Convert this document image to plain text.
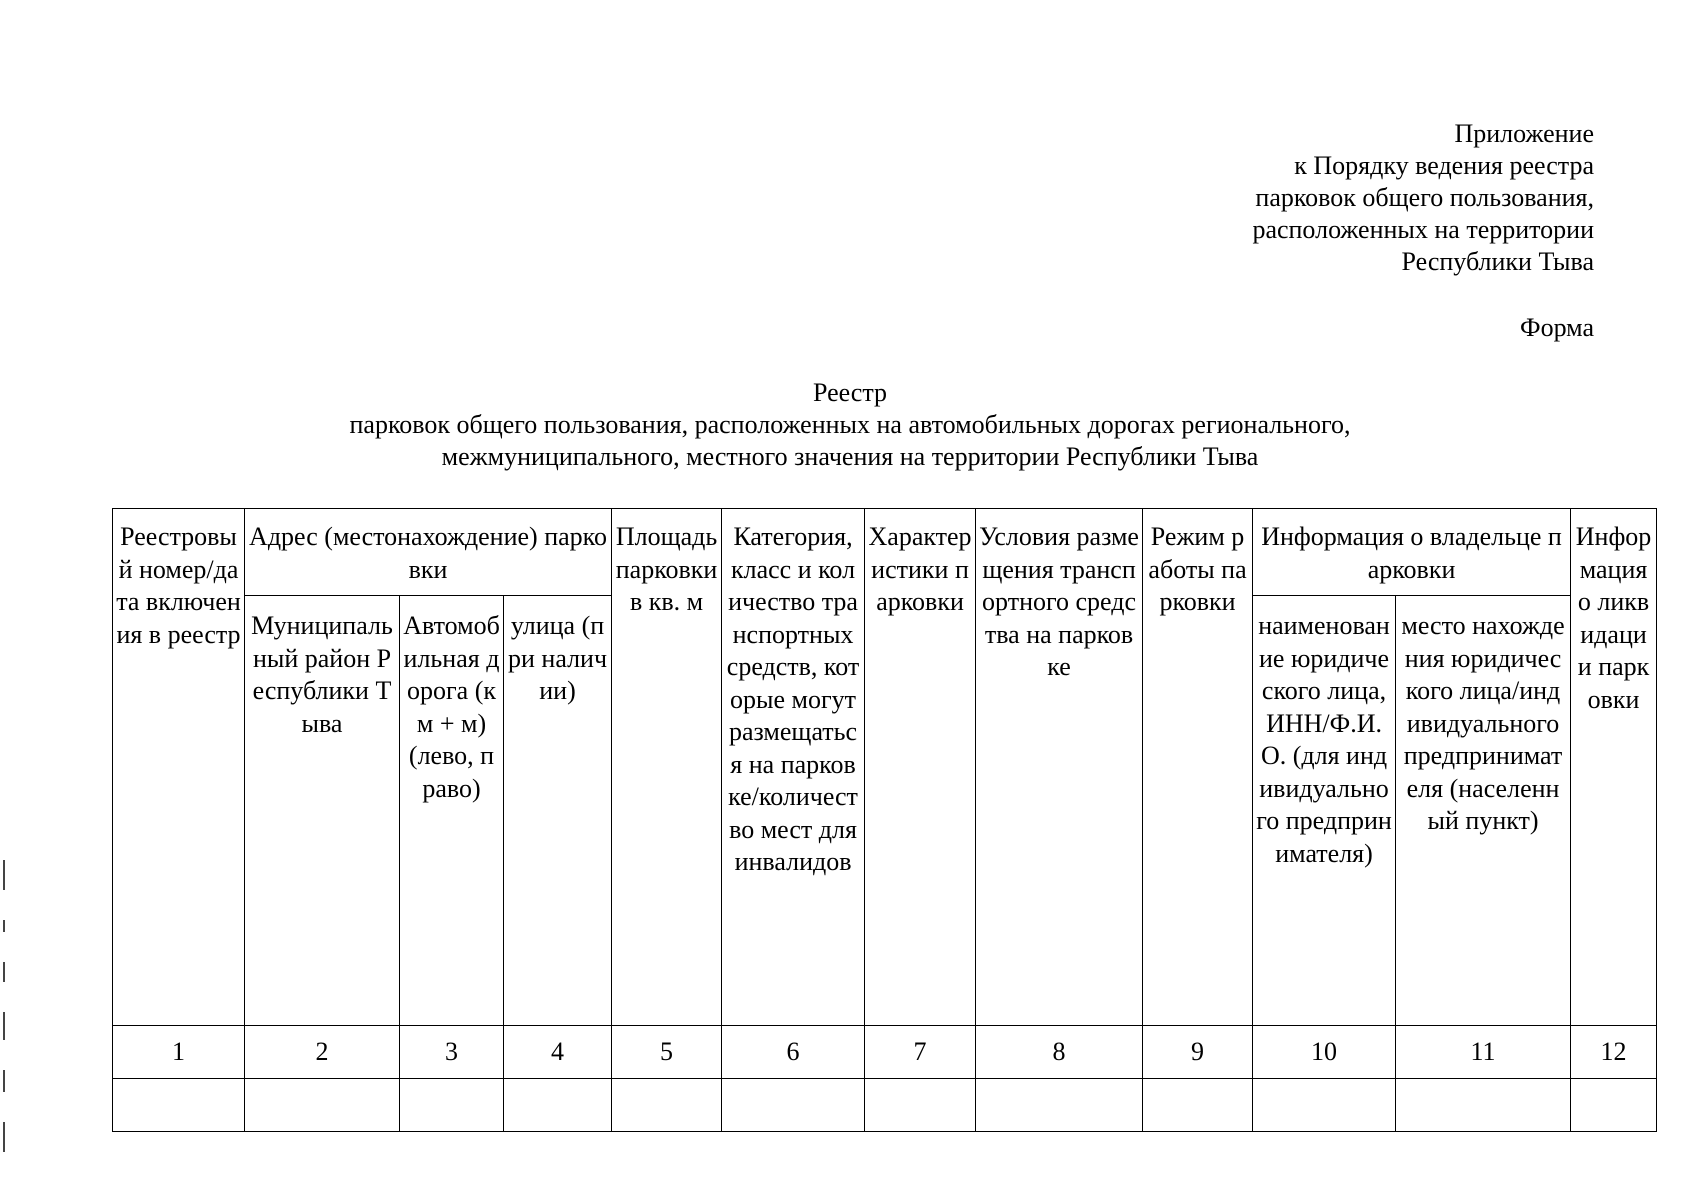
Приложение
к Порядку ведения реестра
парковок общего пользования,
расположенных на территории
Республики Тыва
Форма
Реестр
парковок общего пользования, расположенных на автомобильных дорогах регионального,
межмуниципального, местного значения на территории Республики Тыва
Реестровый номер/дата включения в реестр	Адрес (местонахождение) парковки			Площадь парковки в кв. м	Категория, класс и количество транспортных средств, которые могут размещаться на парковке/количество мест для инвалидов	Характеристики парковки	Условия размещения транспортного средства на парковке	Режим работы парковки	Информация о владельце парковки		Информация о ликвидации парковки
	Муниципальный район Республики Тыва	Автомобильная дорога (км + м) (лево, право)	улица (при наличии)						наименование юридического лица, ИНН/Ф.И.О. (для индивидуального предпринимателя)	место нахождения юридического лица/индивидуального предпринимателя (населенный пункт)	
1	2	3	4	5	6	7	8	9	10	11	12
